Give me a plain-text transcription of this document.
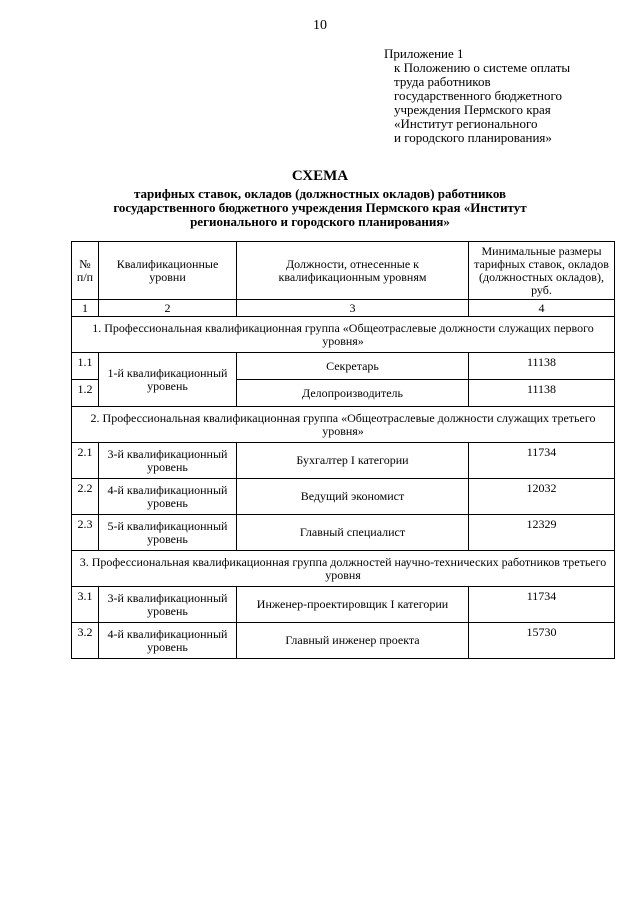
10
Приложение 1
к Положению о системе оплаты
труда работников
государственного бюджетного
учреждения Пермского края
«Институт регионального
и городского планирования»
СХЕМА
тарифных ставок, окладов (должностных окладов) работников
государственного бюджетного учреждения Пермского края «Институт
регионального и городского планирования»
№ п/п	Квалификационные уровни	Должности, отнесенные к квалификационным уровням	Минимальные размеры тарифных ставок, окладов (должностных окладов), руб.
1	2	3	4
1. Профессиональная квалификационная группа «Общеотраслевые должности служащих первого уровня»			
1.1	1-й квалификационный уровень	Секретарь	11138
1.2		Делопроизводитель	11138
2. Профессиональная квалификационная группа «Общеотраслевые должности служащих третьего уровня»			
2.1	3-й квалификационный уровень	Бухгалтер I категории	11734
2.2	4-й квалификационный уровень	Ведущий экономист	12032
2.3	5-й квалификационный уровень	Главный специалист	12329
3. Профессиональная квалификационная группа должностей научно-технических работников третьего уровня			
3.1	3-й квалификационный уровень	Инженер-проектировщик I категории	11734
3.2	4-й квалификационный уровень	Главный инженер проекта	15730
